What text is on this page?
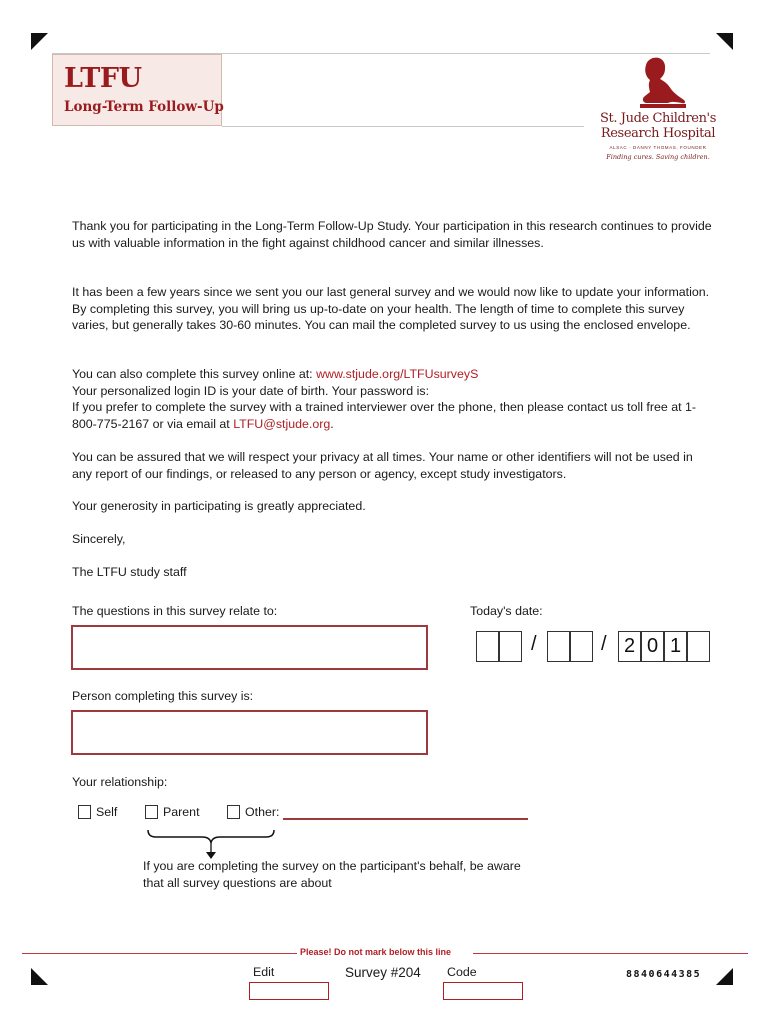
LTFU
Long-Term Follow-Up
St. Jude Children's
Research Hospital
ALSAC · DANNY THOMAS, FOUNDER
Finding cures. Saving children.

Thank you for participating in the Long-Term Follow-Up Study. Your participation in this research continues to provide us with valuable information in the fight against childhood cancer and similar illnesses.

It has been a few years since we sent you our last general survey and we would now like to update your information. By completing this survey, you will bring us up-to-date on your health. The length of time to complete this survey varies, but generally takes 30-60 minutes. You can mail the completed survey to us using the enclosed envelope.

You can also complete this survey online at: www.stjude.org/LTFUsurveyS

Your personalized login ID is your date of birth. Your password is:

If you prefer to complete the survey with a trained interviewer over the phone, then please contact us toll free at 1-800-775-2167 or via email at LTFU@stjude.org.

You can be assured that we will respect your privacy at all times. Your name or other identifiers will not be used in any report of our findings, or released to any person or agency, except study investigators.

Your generosity in participating is greatly appreciated.

Sincerely,

The LTFU study staff

The questions in this survey relate to:	Today's date:
/	/ 2 0 1
Person completing this survey is:
Your relationship:
Self	Parent	Other:
If you are completing the survey on the participant's behalf, be aware that all survey questions are about
Please! Do not mark below this line
Edit	Survey #204 Code	8840644385
